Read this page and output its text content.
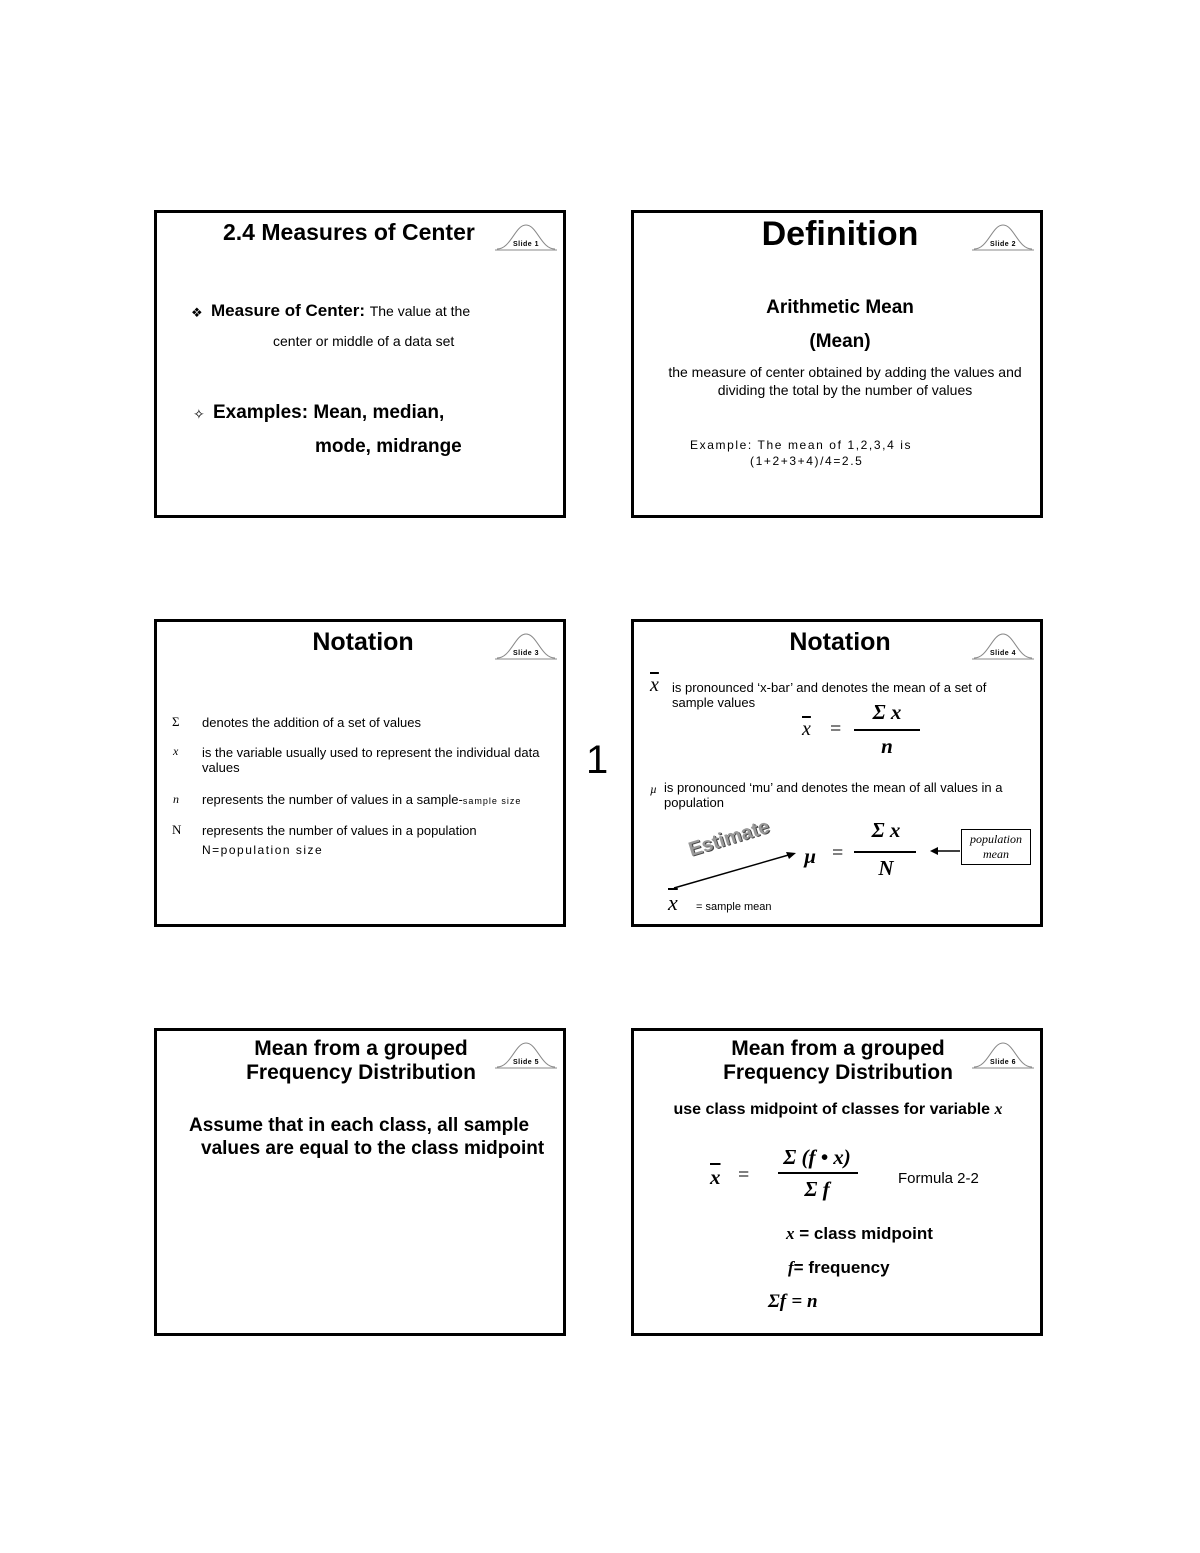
Slide 1
2.4 Measures of Center
❖ Measure of Center: The value at the
center or middle of a data set
✧ Examples: Mean, median,
mode, midrange
Slide 2
Definition
Arithmetic Mean
(Mean)
the measure of center obtained by adding the values and dividing the total by the number of values
Example: The mean of 1,2,3,4 is
(1+2+3+4)/4=2.5
Slide 3
Notation
Σ denotes the addition of a set of values
x is the variable usually used to represent the individual data values
n represents the number of values in a sample-sample size
N represents the number of values in a population
N=population size
1
Slide 4
Notation
$\overline{x}$ is pronounced ‘x-bar’ and denotes the mean of a set of sample values
$\overline{x}$ =
Σ x
n
µ is pronounced ‘mu’ and denotes the mean of all values in a population
µ =
Σ x
N
Estimate	population mean
$\overline{x}$ = sample mean
Slide 5
Mean from a grouped
Frequency Distribution
Assume that in each class, all sample values are equal to the class midpoint
Slide 6
Mean from a grouped
Frequency Distribution
use class midpoint of classes for variable x
$\overline{x}$ =
Σ (f • x)
Σ f	Formula 2-2
x = class midpoint
f= frequency
Σf = n
